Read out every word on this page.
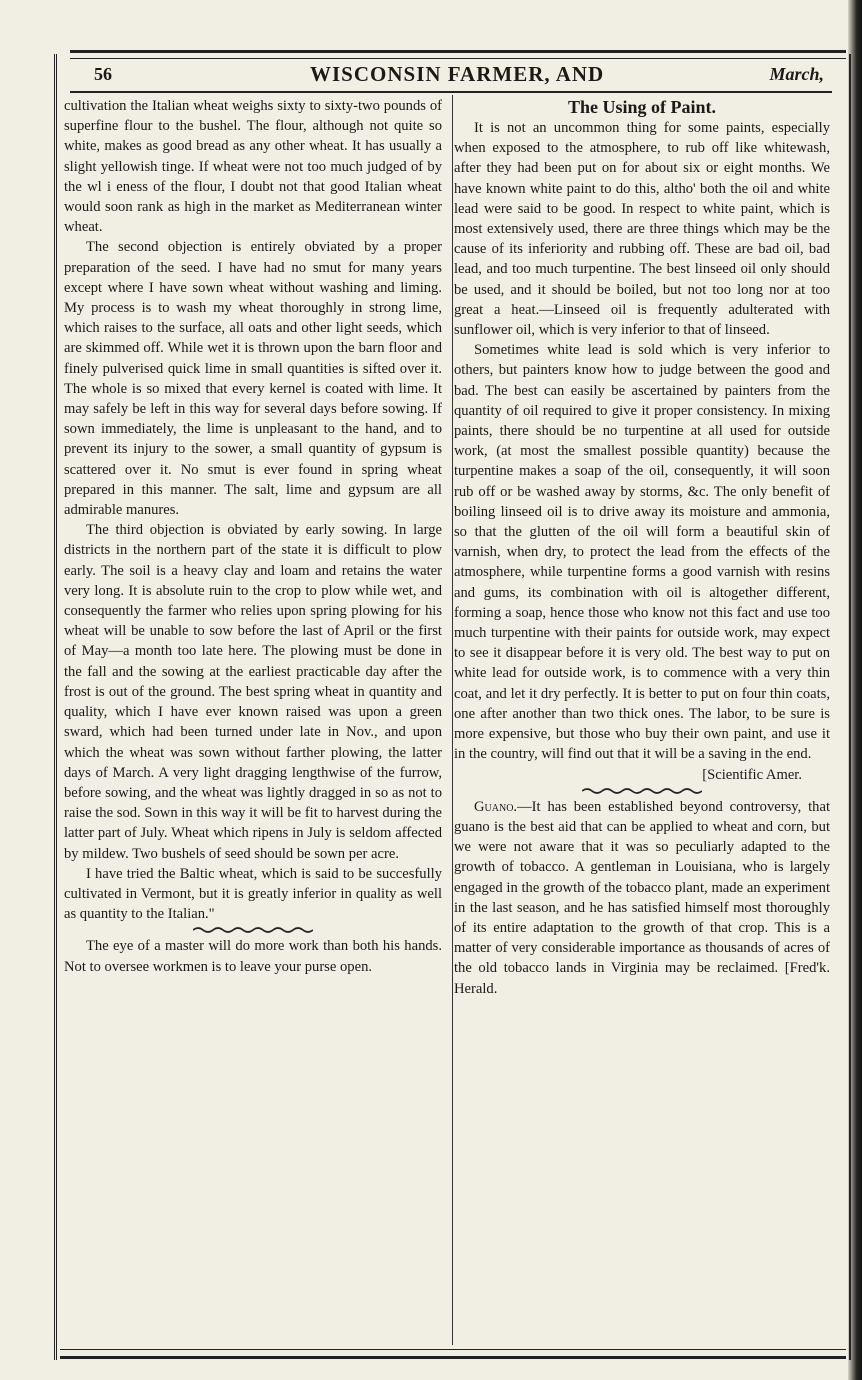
56	WISCONSIN FARMER, AND	March,

cultivation the Italian wheat weighs sixty to sixty-two pounds of superfine flour to the bushel. The flour, although not quite so white, makes as good bread as any other wheat. It has usually a slight yellowish tinge. If wheat were not too much judged of by the wl i eness of the flour, I doubt not that good Italian wheat would soon rank as high in the market as Mediterranean winter wheat.

The second objection is entirely obviated by a proper preparation of the seed. I have had no smut for many years except where I have sown wheat without washing and liming. My process is to wash my wheat thoroughly in strong lime, which raises to the surface, all oats and other light seeds, which are skimmed off. While wet it is thrown upon the barn floor and finely pulverised quick lime in small quantities is sifted over it. The whole is so mixed that every kernel is coated with lime. It may safely be left in this way for several days before sowing. If sown immediately, the lime is unpleasant to the hand, and to prevent its injury to the sower, a small quantity of gypsum is scattered over it. No smut is ever found in spring wheat prepared in this manner. The salt, lime and gypsum are all admirable manures.

The third objection is obviated by early sowing. In large districts in the northern part of the state it is difficult to plow early. The soil is a heavy clay and loam and retains the water very long. It is absolute ruin to the crop to plow while wet, and consequently the farmer who relies upon spring plowing for his wheat will be unable to sow before the last of April or the first of May—a month too late here. The plowing must be done in the fall and the sowing at the earliest practicable day after the frost is out of the ground. The best spring wheat in quantity and quality, which I have ever known raised was upon a green sward, which had been turned under late in Nov., and upon which the wheat was sown without farther plowing, the latter days of March. A very light dragging lengthwise of the furrow, before sowing, and the wheat was lightly dragged in so as not to raise the sod. Sown in this way it will be fit to harvest during the latter part of July. Wheat which ripens in July is seldom affected by mildew. Two bushels of seed should be sown per acre.

I have tried the Baltic wheat, which is said to be succesfully cultivated in Vermont, but it is greatly inferior in quality as well as quantity to the Italian."

The eye of a master will do more work than both his hands. Not to oversee workmen is to leave your purse open.

The Using of Paint.

It is not an uncommon thing for some paints, especially when exposed to the atmosphere, to rub off like whitewash, after they had been put on for about six or eight months. We have known white paint to do this, altho' both the oil and white lead were said to be good. In respect to white paint, which is most extensively used, there are three things which may be the cause of its inferiority and rubbing off. These are bad oil, bad lead, and too much turpentine. The best linseed oil only should be used, and it should be boiled, but not too long nor at too great a heat.—Linseed oil is frequently adulterated with sunflower oil, which is very inferior to that of linseed.

Sometimes white lead is sold which is very inferior to others, but painters know how to judge between the good and bad. The best can easily be ascertained by painters from the quantity of oil required to give it proper consistency. In mixing paints, there should be no turpentine at all used for outside work, (at most the smallest possible quantity) because the turpentine makes a soap of the oil, consequently, it will soon rub off or be washed away by storms, &c. The only benefit of boiling linseed oil is to drive away its moisture and ammonia, so that the glutten of the oil will form a beautiful skin of varnish, when dry, to protect the lead from the effects of the atmosphere, while turpentine forms a good varnish with resins and gums, its combination with oil is altogether different, forming a soap, hence those who know not this fact and use too much turpentine with their paints for outside work, may expect to see it disappear before it is very old. The best way to put on white lead for outside work, is to commence with a very thin coat, and let it dry perfectly. It is better to put on four thin coats, one after another than two thick ones. The labor, to be sure is more expensive, but those who buy their own paint, and use it in the country, will find out that it will be a saving in the end.

[Scientific Amer.

Guano.—It has been established beyond controversy, that guano is the best aid that can be applied to wheat and corn, but we were not aware that it was so peculiarly adapted to the growth of tobacco. A gentleman in Louisiana, who is largely engaged in the growth of the tobacco plant, made an experiment in the last season, and he has satisfied himself most thoroughly of its entire adaptation to the growth of that crop. This is a matter of very considerable importance as thousands of acres of the old tobacco lands in Virginia may be reclaimed. [Fred'k. Herald.
